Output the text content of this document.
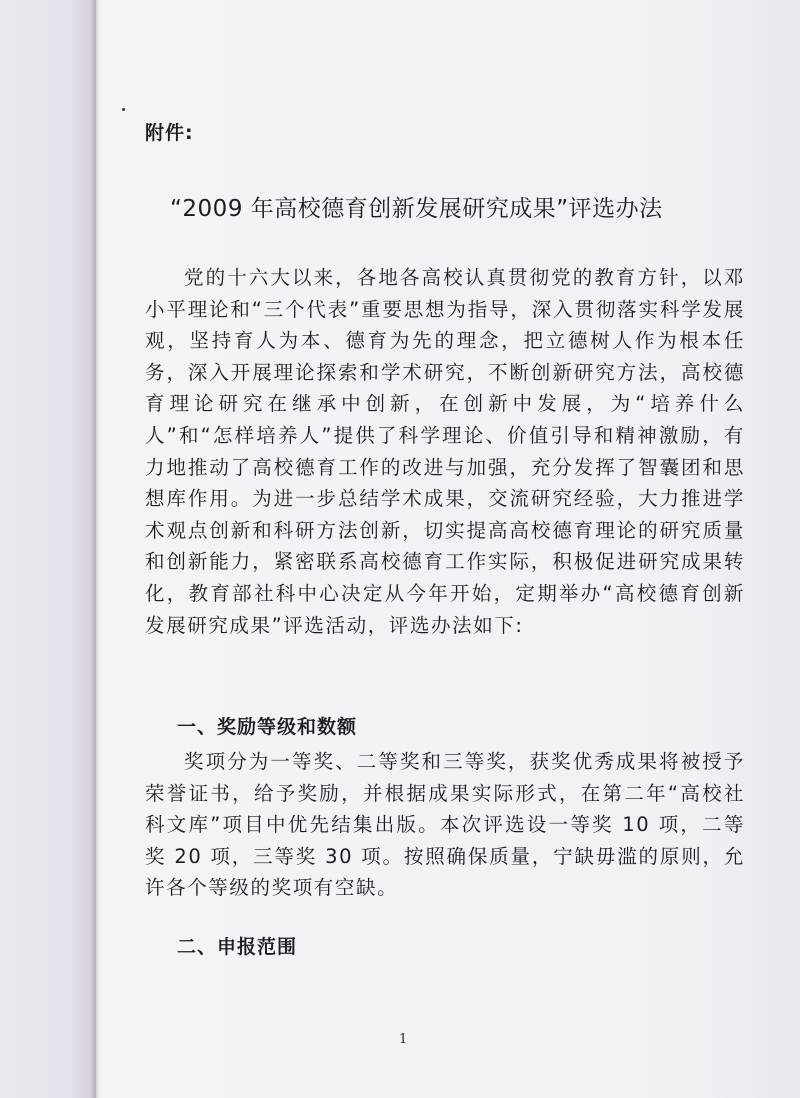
附件:
“2009 年高校德育创新发展研究成果”评选办法

党的十六大以来，各地各高校认真贯彻党的教育方针，以邓小平理论和“三个代表”重要思想为指导，深入贯彻落实科学发展观，坚持育人为本、德育为先的理念，把立德树人作为根本任务，深入开展理论探索和学术研究，不断创新研究方法，高校德育理论研究在继承中创新，在创新中发展，为“培养什么人”和“怎样培养人”提供了科学理论、价值引导和精神激励，有力地推动了高校德育工作的改进与加强，充分发挥了智囊团和思想库作用。为进一步总结学术成果，交流研究经验，大力推进学术观点创新和科研方法创新，切实提高高校德育理论的研究质量和创新能力，紧密联系高校德育工作实际，积极促进研究成果转化，教育部社科中心决定从今年开始，定期举办“高校德育创新发展研究成果”评选活动，评选办法如下:

一、奖励等级和数额

奖项分为一等奖、二等奖和三等奖，获奖优秀成果将被授予荣誉证书，给予奖励，并根据成果实际形式，在第二年“高校社科文库”项目中优先结集出版。本次评选设一等奖 10 项，二等奖 20 项，三等奖 30 项。按照确保质量，宁缺毋滥的原则，允许各个等级的奖项有空缺。

二、申报范围
1
